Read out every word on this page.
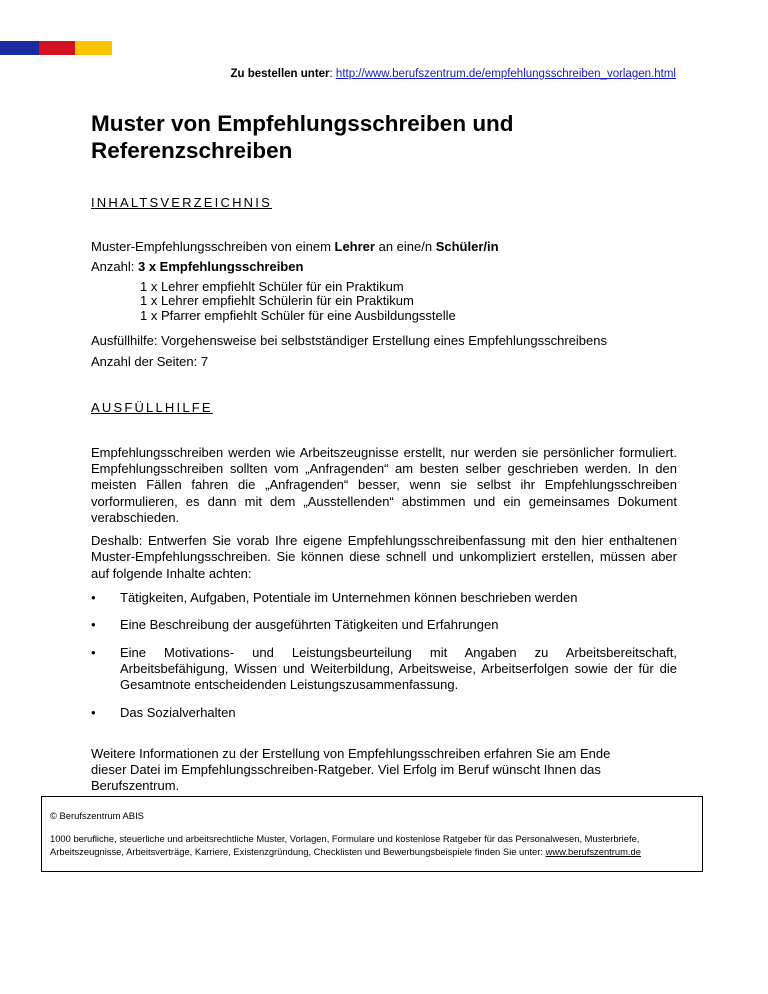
Zu bestellen unter: http://www.berufszentrum.de/empfehlungsschreiben_vorlagen.html
Muster von Empfehlungsschreiben und
Referenzschreiben
INHALTSVERZEICHNIS

Muster-Empfehlungsschreiben von einem Lehrer an eine/n Schüler/in

Anzahl: 3 x Empfehlungsschreiben

1 x Lehrer empfiehlt Schüler für ein Praktikum
1 x Lehrer empfiehlt Schülerin für ein Praktikum
1 x Pfarrer empfiehlt Schüler für eine Ausbildungsstelle

Ausfüllhilfe: Vorgehensweise bei selbstständiger Erstellung eines Empfehlungsschreibens

Anzahl der Seiten: 7

AUSFÜLLHILFE

Empfehlungsschreiben werden wie Arbeitszeugnisse erstellt, nur werden sie persönlicher formuliert. Empfehlungsschreiben sollten vom „Anfragenden“ am besten selber geschrieben werden. In den meisten Fällen fahren die „Anfragenden“ besser, wenn sie selbst ihr Empfehlungsschreiben vorformulieren, es dann mit dem „Ausstellenden“ abstimmen und ein gemeinsames Dokument verabschieden.

Deshalb: Entwerfen Sie vorab Ihre eigene Empfehlungsschreibenfassung mit den hier enthaltenen Muster-Empfehlungsschreiben. Sie können diese schnell und unkompliziert erstellen, müssen aber auf folgende Inhalte achten:

• Tätigkeiten, Aufgaben, Potentiale im Unternehmen können beschrieben werden
• Eine Beschreibung der ausgeführten Tätigkeiten und Erfahrungen
• Eine Motivations- und Leistungsbeurteilung mit Angaben zu Arbeitsbereitschaft, Arbeitsbefähigung, Wissen und Weiterbildung, Arbeitsweise, Arbeitserfolgen sowie der für die Gesamtnote entscheidenden Leistungszusammenfassung.
• Das Sozialverhalten

Weitere Informationen zu der Erstellung von Empfehlungsschreiben erfahren Sie am Ende
dieser Datei im Empfehlungsschreiben-Ratgeber. Viel Erfolg im Beruf wünscht Ihnen das
Berufszentrum.

© Berufszentrum ABIS
1000 berufliche, steuerliche und arbeitsrechtliche Muster, Vorlagen, Formulare und kostenlose Ratgeber für das Personalwesen, Musterbriefe,
Arbeitszeugnisse, Arbeitsverträge, Karriere, Existenzgründung, Checklisten und Bewerbungsbeispiele finden Sie unter: www.berufszentrum.de
